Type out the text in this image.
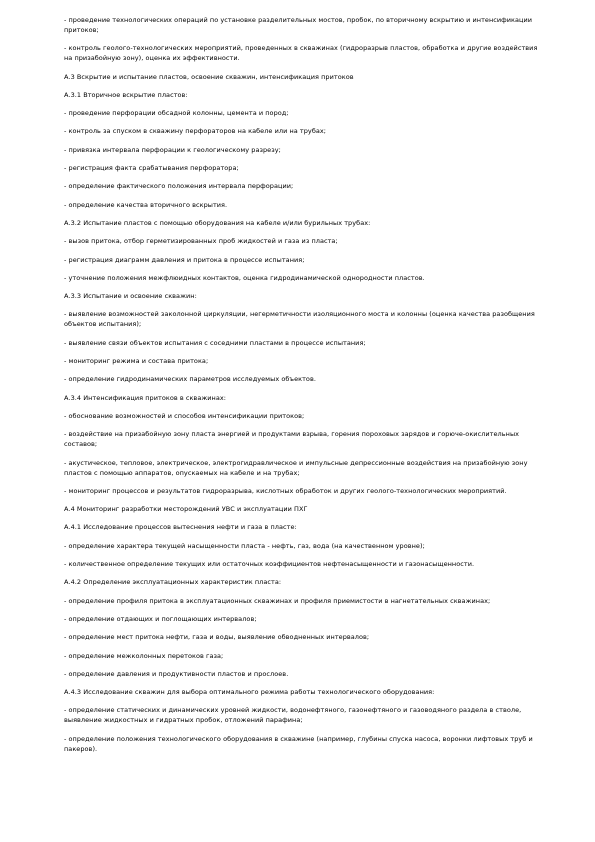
- проведение технологических операций по установке разделительных мостов, пробок, по вторичному вскрытию и интенсификации притоков;

- контроль геолого-технологических мероприятий, проведенных в скважинах (гидроразрыв пластов, обработка и другие воздействия на призабойную зону), оценка их эффективности.

А.3 Вскрытие и испытание пластов, освоение скважин, интенсификация притоков

А.3.1 Вторичное вскрытие пластов:

- проведение перфорации обсадной колонны, цемента и пород;

- контроль за спуском в скважину перфораторов на кабеле или на трубах;

- привязка интервала перфорации к геологическому разрезу;

- регистрация факта срабатывания перфоратора;

- определение фактического положения интервала перфорации;

- определение качества вторичного вскрытия.

А.3.2 Испытание пластов с помощью оборудования на кабеле и/или бурильных трубах:

- вызов притока, отбор герметизированных проб жидкостей и газа из пласта;

- регистрация диаграмм давления и притока в процессе испытания;

- уточнение положения межфлюидных контактов, оценка гидродинамической однородности пластов.

А.3.3 Испытание и освоение скважин:

- выявление возможностей заколонной циркуляции, негерметичности изоляционного моста и колонны (оценка качества разобщения объектов испытания);

- выявление связи объектов испытания с соседними пластами в процессе испытания;

- мониторинг режима и состава притока;

- определение гидродинамических параметров исследуемых объектов.

А.3.4 Интенсификация притоков в скважинах:

- обоснование возможностей и способов интенсификации притоков;

- воздействие на призабойную зону пласта энергией и продуктами взрыва, горения пороховых зарядов и горюче-окислительных составов;

- акустическое, тепловое, электрическое, электрогидравлическое и импульсные депрессионные воздействия на призабойную зону пластов с помощью аппаратов, опускаемых на кабеле и на трубах;

- мониторинг процессов и результатов гидроразрыва, кислотных обработок и других геолого-технологических мероприятий.

А.4 Мониторинг разработки месторождений УВС и эксплуатации ПХГ

А.4.1 Исследование процессов вытеснения нефти и газа в пласте:

- определение характера текущей насыщенности пласта - нефть, газ, вода (на качественном уровне);

- количественное определение текущих или остаточных коэффициентов нефтенасыщенности и газонасыщенности.

А.4.2 Определение эксплуатационных характеристик пласта:

- определение профиля притока в эксплуатационных скважинах и профиля приемистости в нагнетательных скважинах;

- определение отдающих и поглощающих интервалов;

- определение мест притока нефти, газа и воды, выявление обводненных интервалов;

- определение межколонных перетоков газа;

- определение давления и продуктивности пластов и прослоев.

А.4.3 Исследование скважин для выбора оптимального режима работы технологического оборудования:

- определение статических и динамических уровней жидкости, водонефтяного, газонефтяного и газоводяного раздела в стволе, выявление жидкостных и гидратных пробок, отложений парафина;

- определение положения технологического оборудования в скважине (например, глубины спуска насоса, воронки лифтовых труб и пакеров).
